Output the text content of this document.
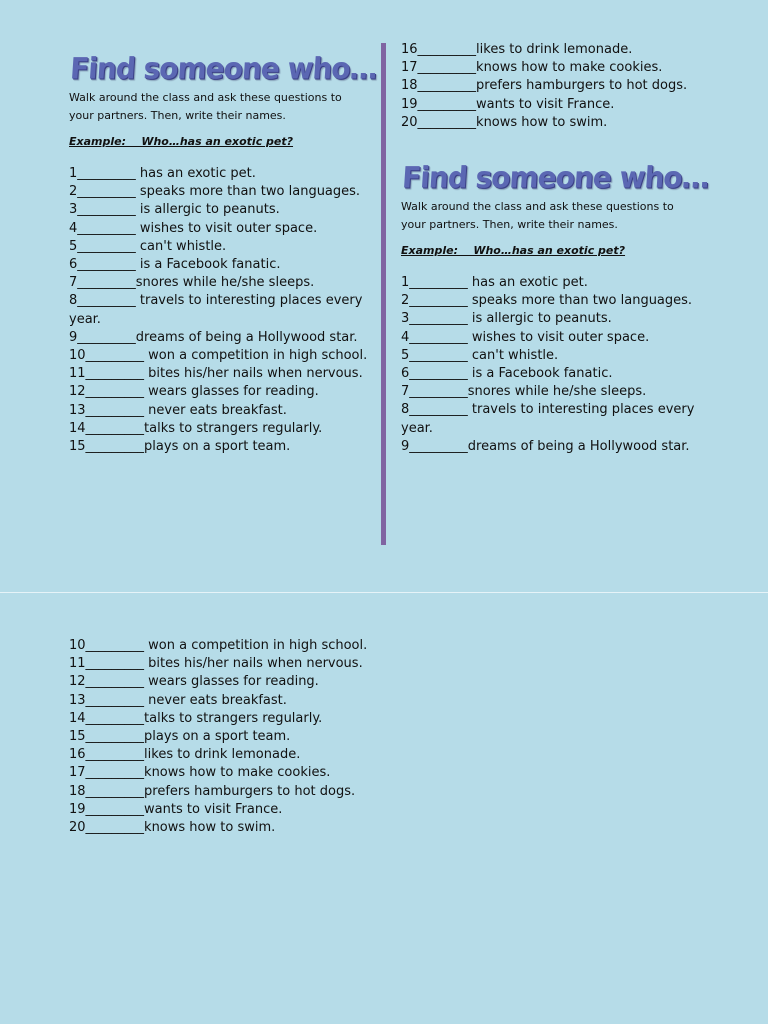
Find someone who…

Walk around the class and ask these questions to your partners. Then, write their names.

Example:    Who…has an exotic pet?

1_________ has an exotic pet.
2_________ speaks more than two languages.
3_________ is allergic to peanuts.
4_________ wishes to visit outer space.
5_________ can't whistle.
6_________ is a Facebook fanatic.
7_________snores while he/she sleeps.
8_________ travels to interesting places every year.
9_________dreams of being a Hollywood star.
10_________ won a competition in high school.
11_________ bites his/her nails when nervous.
12_________ wears glasses for reading.
13_________ never eats breakfast.
14_________talks to strangers regularly.
15_________plays on a sport team.
16_________likes to drink lemonade.
17_________knows how to make cookies.
18_________prefers hamburgers to hot dogs.
19_________wants to visit France.
20_________knows how to swim.
Find someone who…

Walk around the class and ask these questions to your partners. Then, write their names.

Example:    Who…has an exotic pet?

1_________ has an exotic pet.
2_________ speaks more than two languages.
3_________ is allergic to peanuts.
4_________ wishes to visit outer space.
5_________ can't whistle.
6_________ is a Facebook fanatic.
7_________snores while he/she sleeps.
8_________ travels to interesting places every year.
9_________dreams of being a Hollywood star.
10_________ won a competition in high school.
11_________ bites his/her nails when nervous.
12_________ wears glasses for reading.
13_________ never eats breakfast.
14_________talks to strangers regularly.
15_________plays on a sport team.
16_________likes to drink lemonade.
17_________knows how to make cookies.
18_________prefers hamburgers to hot dogs.
19_________wants to visit France.
20_________knows how to swim.
